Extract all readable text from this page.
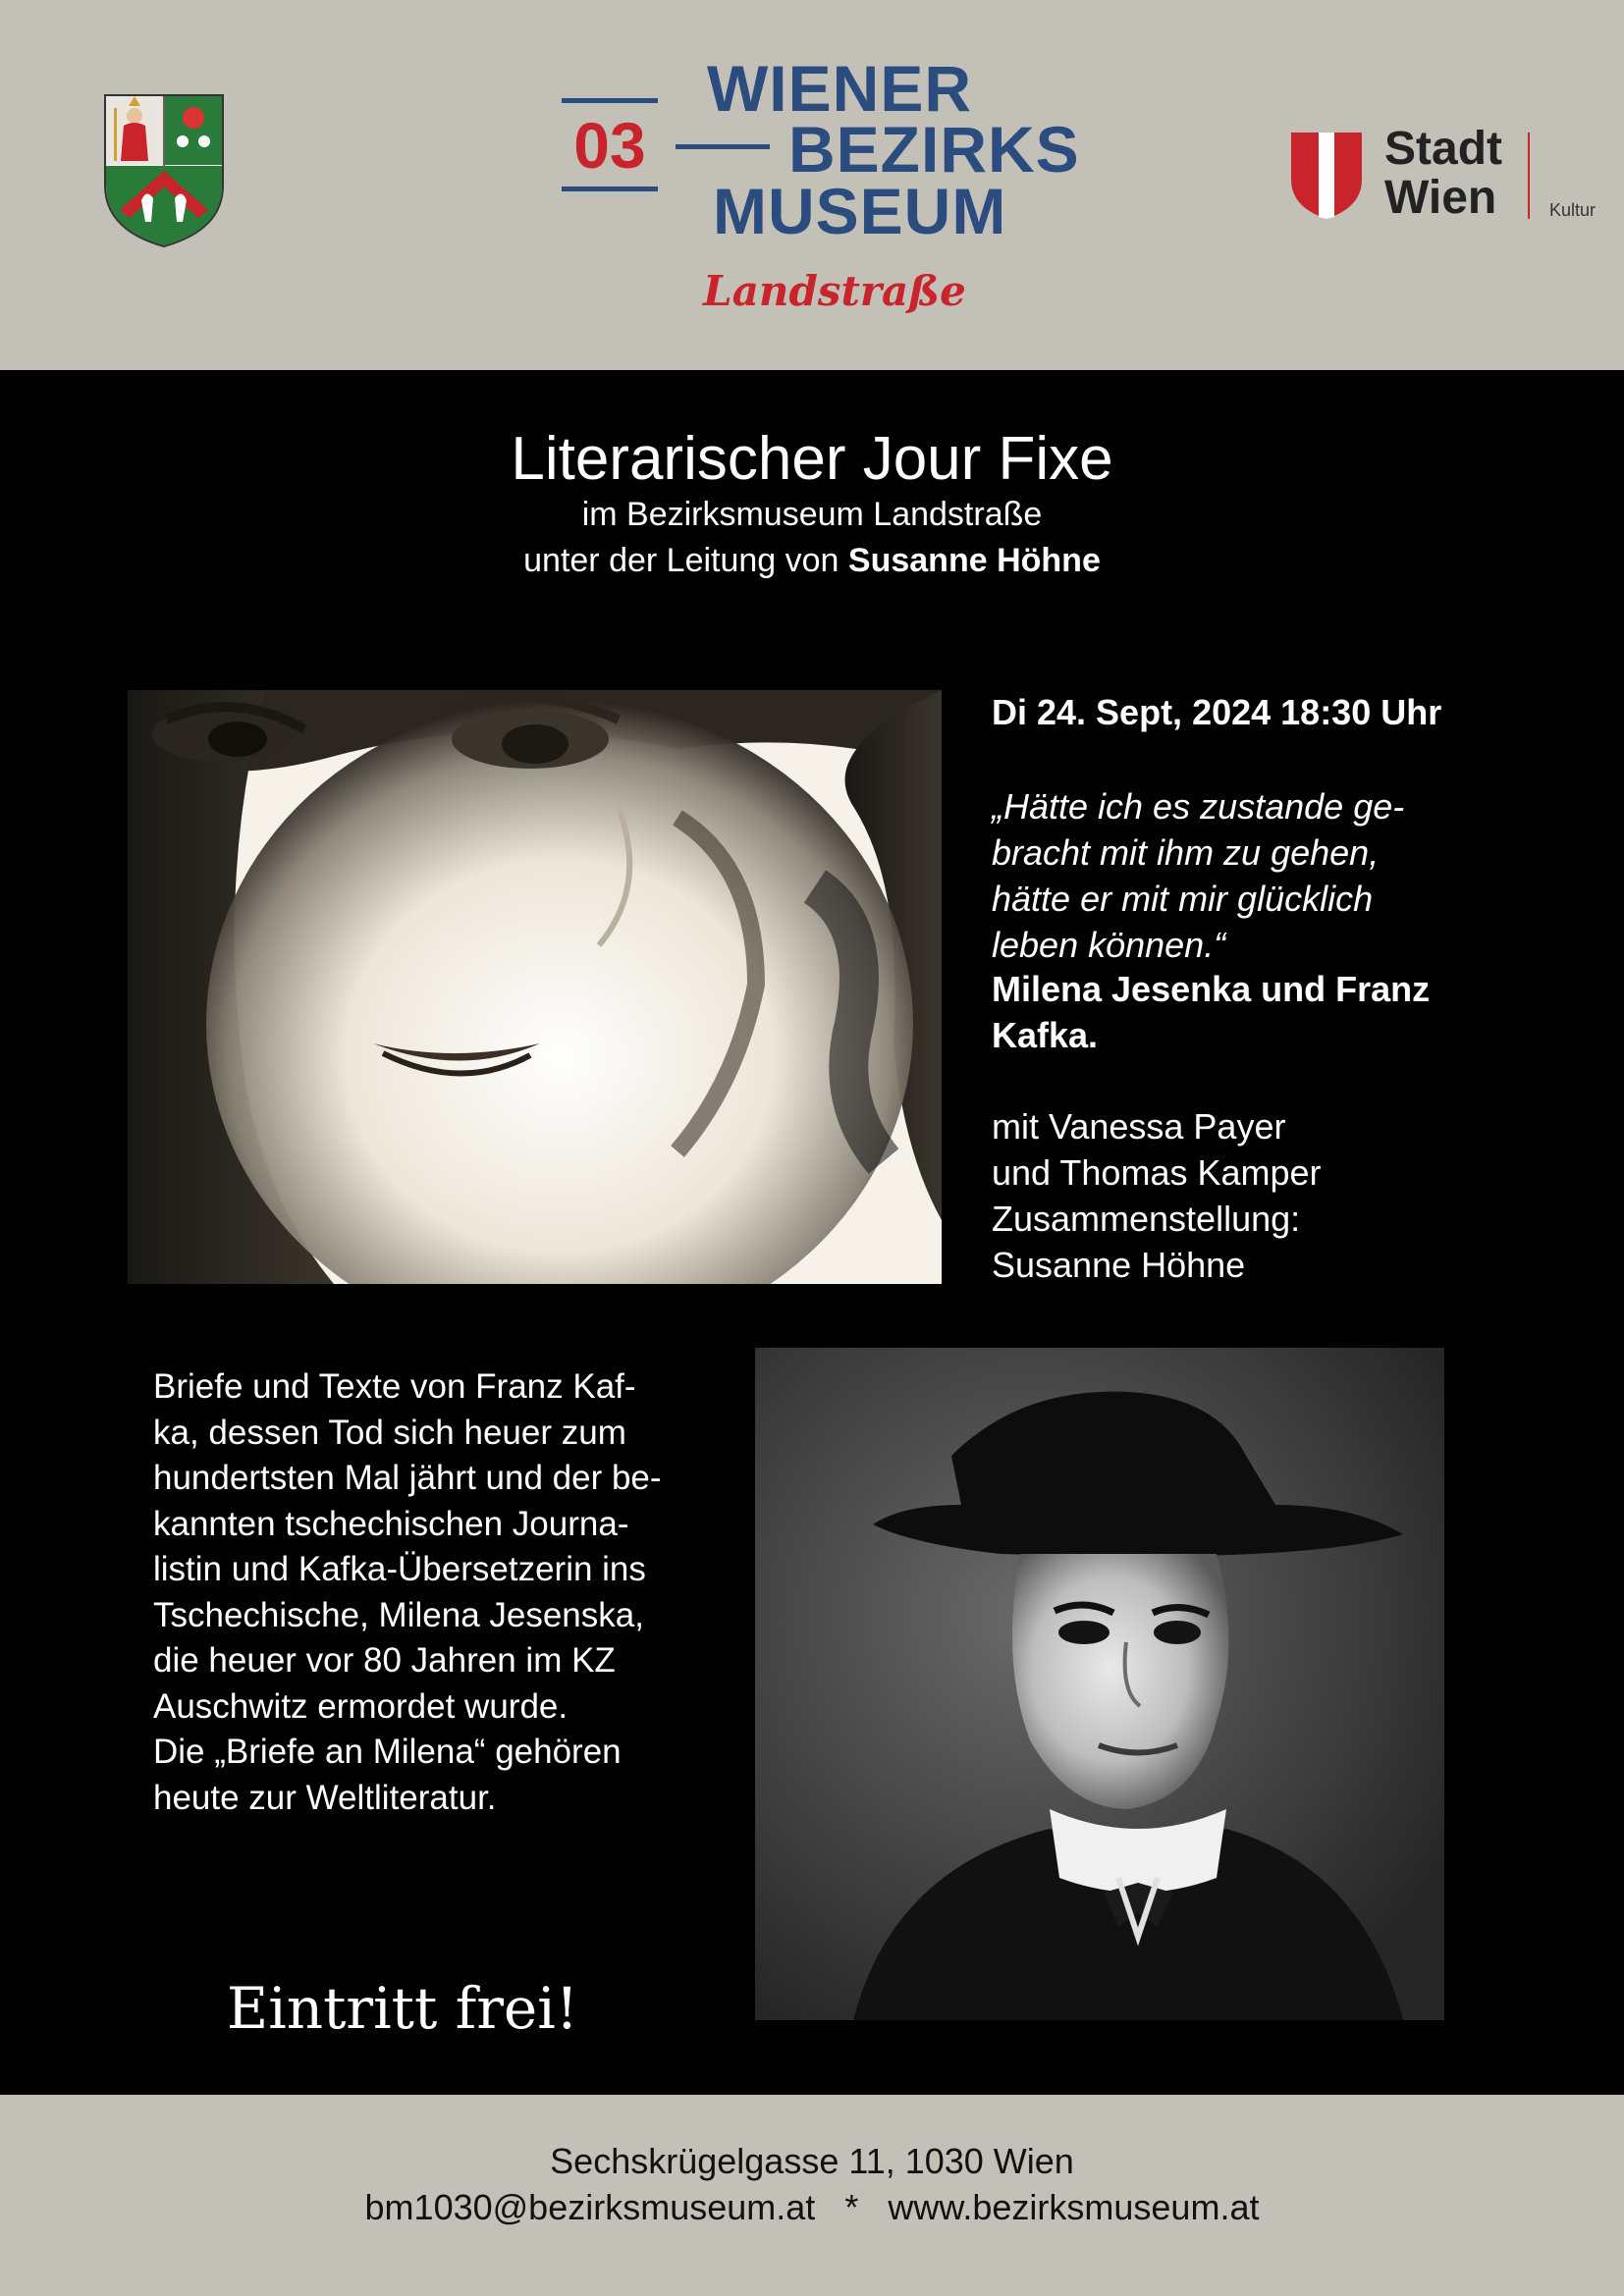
03
WIENER
BEZIRKS
MUSEUM
Landstraße
Stadt
Wien	Kultur
Literarischer Jour Fixe
im Bezirksmuseum Landstraße
unter der Leitung von Susanne Höhne
Di 24. Sept, 2024 18:30 Uhr
„Hätte ich es zustande ge-
bracht mit ihm zu gehen,
hätte er mit mir glücklich
leben können.“
Milena Jesenka und Franz
Kafka.
mit Vanessa Payer
und Thomas Kamper
Zusammenstellung:
Susanne Höhne
Briefe und Texte von Franz Kaf-
ka, dessen Tod sich heuer zum
hundertsten Mal jährt und der be-
kannten tschechischen Journa-
listin und Kafka-Übersetzerin ins
Tschechische, Milena Jesenska,
die heuer vor 80 Jahren im KZ
Auschwitz ermordet wurde.
Die „Briefe an Milena“ gehören
heute zur Weltliteratur.
Eintritt frei!
Sechskrügelgasse 11, 1030 Wien
bm1030@bezirksmuseum.at * www.bezirksmuseum.at
